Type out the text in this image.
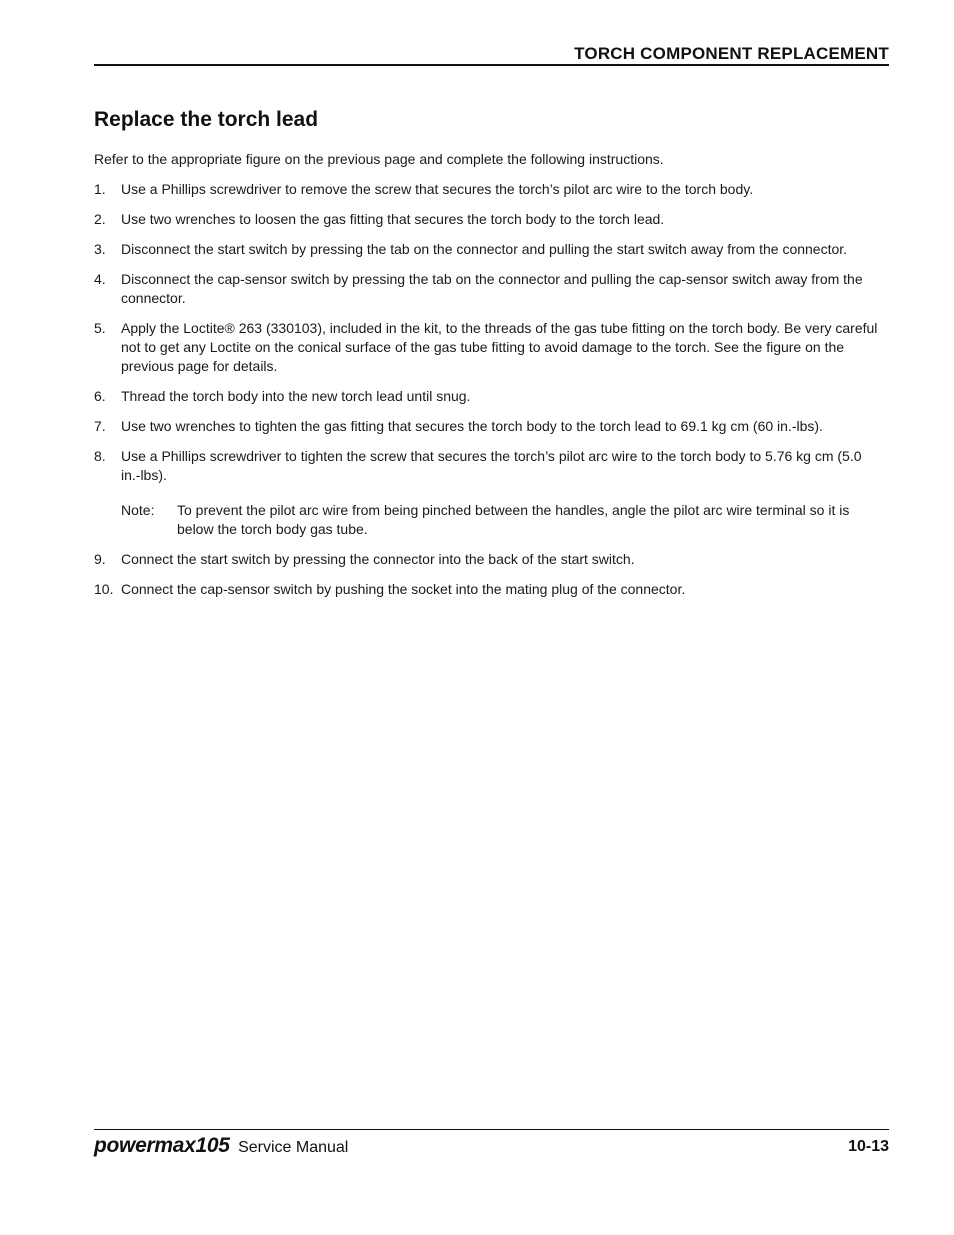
TORCH COMPONENT REPLACEMENT
Replace the torch lead

Refer to the appropriate figure on the previous page and complete the following instructions.

1.	Use a Phillips screwdriver to remove the screw that secures the torch’s pilot arc wire to the torch body.
2.	Use two wrenches to loosen the gas fitting that secures the torch body to the torch lead.
3.	Disconnect the start switch by pressing the tab on the connector and pulling the start switch away from the connector.
4.	Disconnect the cap-sensor switch by pressing the tab on the connector and pulling the cap-sensor switch away from the connector.
5.	Apply the Loctite® 263 (330103), included in the kit, to the threads of the gas tube fitting on the torch body. Be very careful not to get any Loctite on the conical surface of the gas tube fitting to avoid damage to the torch. See the figure on the previous page for details.
6.	Thread the torch body into the new torch lead until snug.
7.	Use two wrenches to tighten the gas fitting that secures the torch body to the torch lead to 69.1 kg cm (60 in.-lbs).
8.	Use a Phillips screwdriver to tighten the screw that secures the torch’s pilot arc wire to the torch body to 5.76 kg cm (5.0 in.-lbs).
Note:	To prevent the pilot arc wire from being pinched between the handles, angle the pilot arc wire terminal so it is below the torch body gas tube.
9.	Connect the start switch by pressing the connector into the back of the start switch.
10. Connect the cap-sensor switch by pushing the socket into the mating plug of the connector.
powermax105 Service Manual	10-13
